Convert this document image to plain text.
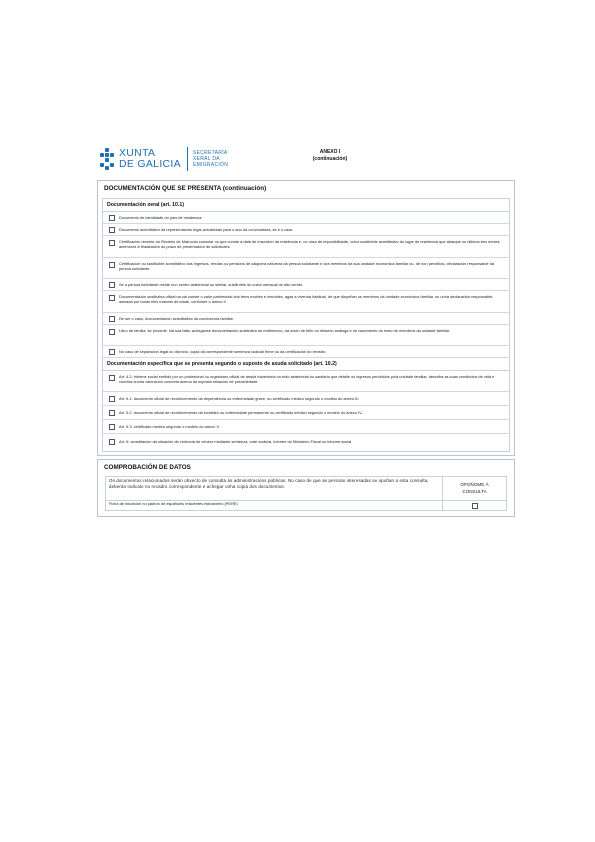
XUNTA
DE GALICIA
SECRETARÍA
XERAL DA
EMIGRACIÓN
ANEXO I
(continuación)
DOCUMENTACIÓN QUE SE PRESENTA (continuación)
Documentación xeral (art. 10.1)
Documento de identidade do país de residencia.
Documento acreditativo da representación legal actualizado para o ano da convocatoria, se é o caso.
Certificación recente do Rexistro de Matrícula consular no que conste a data de inscrición da residencia e, no caso de imposibilidade, outro sustituíble acreditativo do lugar de residencia que abarque os últimos tres meses anteriores á finalización do prazo de presentación de solicitudes.
Certificación ou sustituíble acreditativo dos ingresos, rendas ou pensións de calquera natureza da persoa solicitante e dos membros da súa unidade económica familiar ou, de non perciblos, declaración responsable da persoa solicitante.
Se a persoa solicitante reside nun centro asistencial ou similar, sustituíble do custo mensual do dito centro.
Documentación sustitutiva oficial na cal conste o valor patrimonial dos bens mobles e inmobles, agás a vivenda habitual, de que dispoñan os membros da unidade económica familiar, ou unha declaración responsable, asinada por todos eles maiores de idade, conforme o anexo II.
De ser o caso, documentación acreditativa da convivencia familiar.
Libro de familia, se procede. Na súa falta, acheganse documentación sustitutiva do matrimonio, da unión de feito ou relación análoga e do nacemento do resto de membros da unidade familiar.
No caso de separación legal ou divorcio, copia da correspondente sentenza xudicial firme ou da certificación do rexistro.
Documentación específica que se presenta segundo o suposto de axuda solicitado (art. 10.2)
Art. 4.2: informe social emitido por un profesional ou organismo oficial de ampla traxectoria no eido asistencial ou sanitario que detalle os ingresos percibidos pola unidade familiar, describa as súas condicións de vida e conclúa cunha valoración concreta acerca da suposta situación de precariedade.
Art. 5.1: documento oficial de recoñecemento da dependencia ou enfermidade grave, ou certificado médico segundo o modelo do anexo III.
Art. 5.2: documento oficial de recoñecemento da invalidez ou enfermidade permanente ou certificado médico segundo o modelo do anexo IV.
Art. 5.3: certificado médico segundo o modelo do anexo V.
Art. 6: acreditación da situación de violencia de xénero mediante sentenza, orde xudicial, informe do Ministerio Fiscal ou informe social.
COMPROBACIÓN DE DATOS
Os documentos relacionados serán obxecto de consulta ás administracións públicas. No caso de que as persoas interesadas se opoñan a esta consulta, deberán indicalo no recadro correspondente e achegar unha copia dos documentos.	OPOÑOME Á
CONSULTA
Ficha de inscrición no padrón de españoles residentes estranxeiro (PERE)
